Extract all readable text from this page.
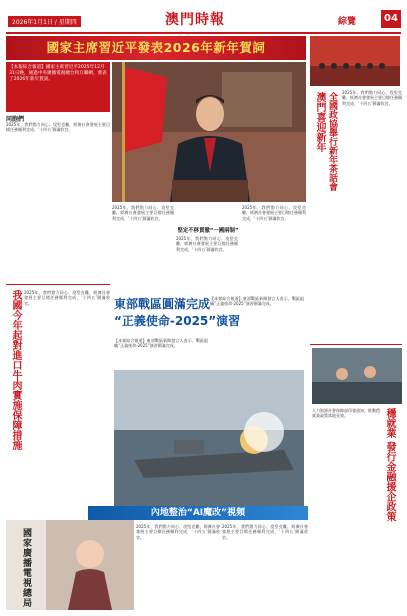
2026年1月1日 / 星期四	澳門時報	綜覽	04
國家主席習近平發表2026年新年賀詞

【本報綜合報道】國家主席習近平2025年12月31日晚，通過中央廣播電視總台和互聯網，發表了2026年新年賀詞。

同胞們
2025年，我們勠力同心、攻堅克難，經濟社會發展主要目標任務順利完成，‘十四五’圓滿收官。
2025年，我們勠力同心、攻堅克難，經濟社會發展主要目標任務順利完成，‘十四五’圓滿收官。
堅定不移貫徹“一國兩制”
2025年，我們勠力同心、攻堅克難，經濟社會發展主要目標任務順利完成，‘十四五’圓滿收官。
2025年，我們勠力同心、攻堅克難，經濟社會發展主要目標任務順利完成，‘十四五’圓滿收官。
澳門喜迎新年 全國政協舉行新年茶話會	2025年，我們勠力同心、攻堅克難，經濟社會發展主要目標任務順利完成，‘十四五’圓滿收官。
我國今年起對進口牛肉實施保障措施 2025年，我們勠力同心、攻堅克難，經濟社會發展主要目標任務順利完成，‘十四五’圓滿收官。	東部戰區圓滿完成
“正義使命-2025”演習
【本報綜合報道】東部戰區新聞發言人表示，戰區組織“正義使命-2025”演習圓滿完成。
【本報綜合報道】東部戰區新聞發言人表示，戰區組織“正義使命-2025”演習圓滿完成。
穩就業 發行金融援企政策
人力資源社會保障部印發通知，推動穩就業政策落地見效。
內地整治“AI魔改”視頻
國家廣播電視總局
2025年，我們勠力同心、攻堅克難，經濟社會發展主要目標任務順利完成，‘十四五’圓滿收官。
2025年，我們勠力同心、攻堅克難，經濟社會發展主要目標任務順利完成，‘十四五’圓滿收官。
